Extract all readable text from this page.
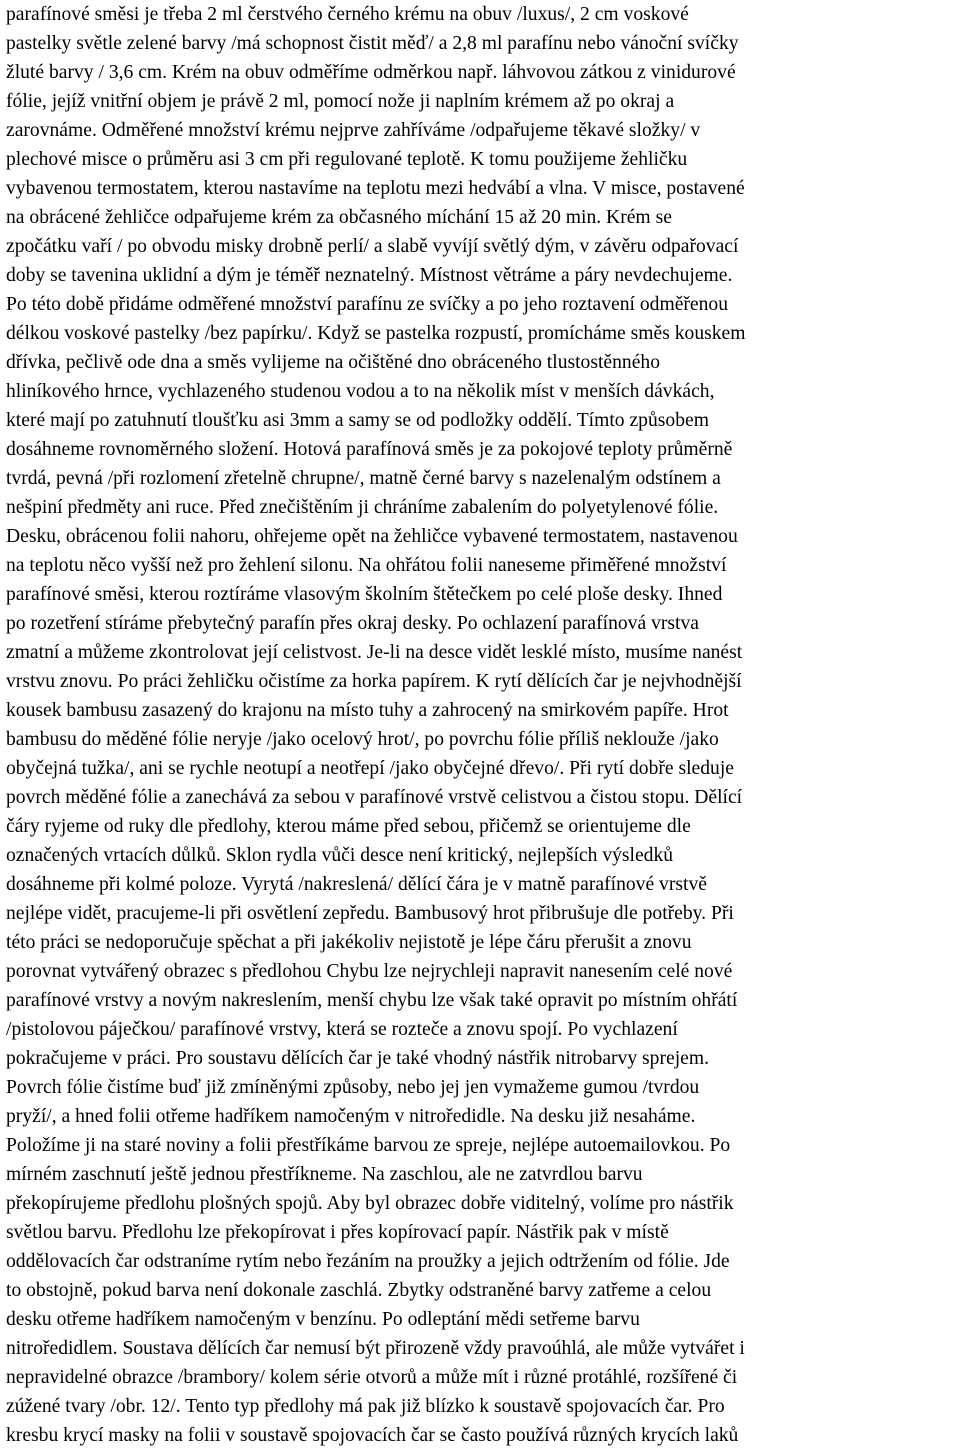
parafínové směsi je třeba 2 ml čerstvého černého krému na obuv /luxus/, 2 cm voskové
pastelky světle zelené barvy /má schopnost čistit měď/ a 2,8 ml parafínu nebo vánoční svíčky
žluté barvy / 3,6 cm. Krém na obuv odměříme odměrkou např. láhvovou zátkou z vinidurové
fólie, jejíž vnitřní objem je právě 2 ml, pomocí nože ji naplním krémem až po okraj a
zarovnáme. Odměřené množství krému nejprve zahříváme /odpařujeme těkavé složky/ v
plechové misce o průměru asi 3 cm při regulované teplotě. K tomu použijeme žehličku
vybavenou termostatem, kterou nastavíme na teplotu mezi hedvábí a vlna. V misce, postavené
na obrácené žehličce odpařujeme krém za občasného míchání 15 až 20 min. Krém se
zpočátku vaří / po obvodu misky drobně perlí/ a slabě vyvíjí světlý dým, v závěru odpařovací
doby se tavenina uklidní a dým je téměř neznatelný. Místnost větráme a páry nevdechujeme.
Po této době přidáme odměřené množství parafínu ze svíčky a po jeho roztavení odměřenou
délkou voskové pastelky /bez papírku/. Když se pastelka rozpustí, promícháme směs kouskem
dřívka, pečlivě ode dna a směs vylijeme na očištěné dno obráceného tlustostěnného
hliníkového hrnce, vychlazeného studenou vodou a to na několik míst v menších dávkách,
které mají po zatuhnutí tloušťku asi 3mm a samy se od podložky oddělí. Tímto způsobem
dosáhneme rovnoměrného složení. Hotová parafínová směs je za pokojové teploty průměrně
tvrdá, pevná /při rozlomení zřetelně chrupne/, matně černé barvy s nazelenalým odstínem a
nešpiní předměty ani ruce. Před znečištěním ji chráníme zabalením do polyetylenové fólie.
Desku, obrácenou folii nahoru, ohřejeme opět na žehličce vybavené termostatem, nastavenou
na teplotu něco vyšší než pro žehlení silonu. Na ohřátou folii naneseme přiměřené množství
parafínové směsi, kterou roztíráme vlasovým školním štětečkem po celé ploše desky. Ihned
po rozetření stíráme přebytečný parafín přes okraj desky. Po ochlazení parafínová vrstva
zmatní a můžeme zkontrolovat její celistvost. Je-li na desce vidět lesklé místo, musíme nanést
vrstvu znovu. Po práci žehličku očistíme za horka papírem. K rytí dělících čar je nejvhodnější
kousek bambusu zasazený do krajonu na místo tuhy a zahrocený na smirkovém papíře. Hrot
bambusu do měděné fólie neryje /jako ocelový hrot/, po povrchu fólie příliš neklouže /jako
obyčejná tužka/, ani se rychle neotupí a neotřepí /jako obyčejné dřevo/. Při rytí dobře sleduje
povrch měděné fólie a zanechává za sebou v parafínové vrstvě celistvou a čistou stopu. Dělící
čáry ryjeme od ruky dle předlohy, kterou máme před sebou, přičemž se orientujeme dle
označených vrtacích důlků. Sklon rydla vůči desce není kritický, nejlepších výsledků
dosáhneme při kolmé poloze. Vyrytá /nakreslená/ dělící čára je v matně parafínové vrstvě
nejlépe vidět, pracujeme-li při osvětlení zepředu. Bambusový hrot přibrušuje dle potřeby. Při
této práci se nedoporučuje spěchat a při jakékoliv nejistotě je lépe čáru přerušit a znovu
porovnat vytvářený obrazec s předlohou Chybu lze nejrychleji napravit nanesením celé nové
parafínové vrstvy a novým nakreslením, menší chybu lze však také opravit po místním ohřátí
/pistolovou páječkou/ parafínové vrstvy, která se rozteče a znovu spojí. Po vychlazení
pokračujeme v práci. Pro soustavu dělících čar je také vhodný nástřik nitrobarvy sprejem.
Povrch fólie čistíme buď již zmíněnými způsoby, nebo jej jen vymažeme gumou /tvrdou
pryží/, a hned folii otřeme hadříkem namočeným v nitroředidle. Na desku již nesaháme.
Položíme ji na staré noviny a folii přestříkáme barvou ze spreje, nejlépe autoemailovkou. Po
mírném zaschnutí ještě jednou přestříkneme. Na zaschlou, ale ne zatvrdlou barvu
překopírujeme předlohu plošných spojů. Aby byl obrazec dobře viditelný, volíme pro nástřik
světlou barvu. Předlohu lze překopírovat i přes kopírovací papír. Nástřik pak v místě
oddělovacích čar odstraníme rytím nebo řezáním na proužky a jejich odtržením od fólie. Jde
to obstojně, pokud barva není dokonale zaschlá. Zbytky odstraněné barvy zatřeme a celou
desku otřeme hadříkem namočeným v benzínu. Po odleptání mědi setřeme barvu
nitroředidlem. Soustava dělících čar nemusí být přirozeně vždy pravoúhlá, ale může vytvářet i
nepravidelné obrazce /brambory/ kolem série otvorů a může mít i různé protáhlé, rozšířené či
zúžené tvary /obr. 12/. Tento typ předlohy má pak již blízko k soustavě spojovacích čar. Pro
kresbu krycí masky na folii v soustavě spojovacích čar se často používá různých krycích laků
